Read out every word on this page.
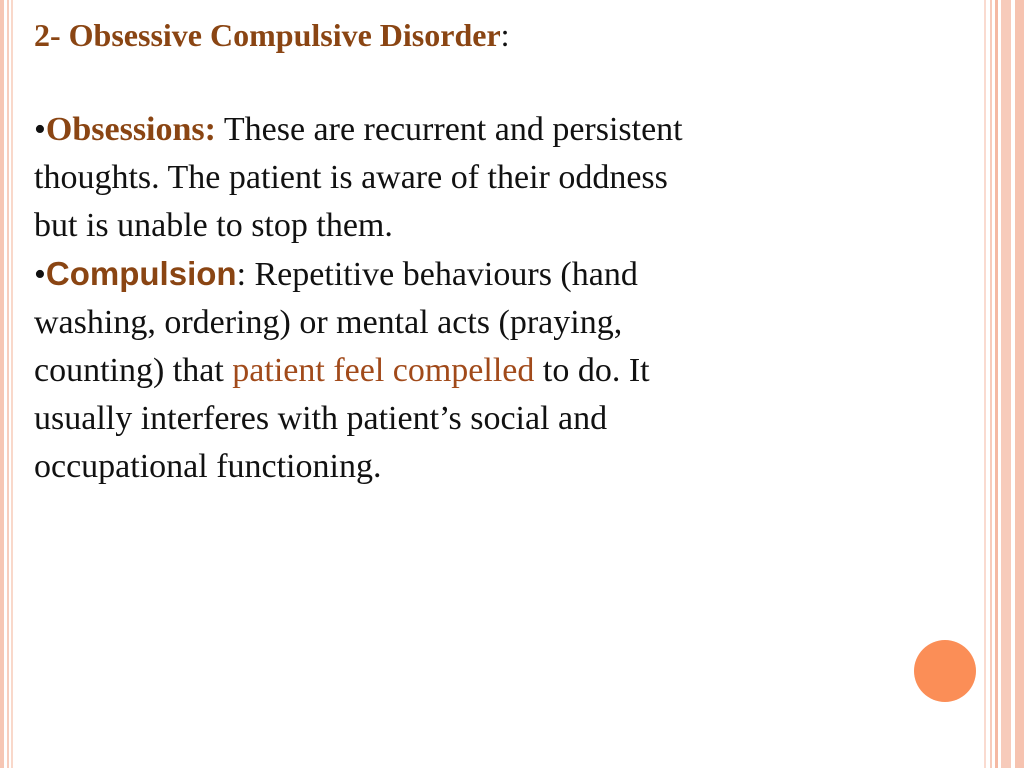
2- Obsessive Compulsive Disorder:

•Obsessions: These are recurrent and persistent thoughts. The patient is aware of their oddness but is unable to stop them.

•Compulsion: Repetitive behaviours (hand washing, ordering) or mental acts (praying, counting) that patient feel compelled to do. It usually interferes with patient’s social and occupational functioning.
